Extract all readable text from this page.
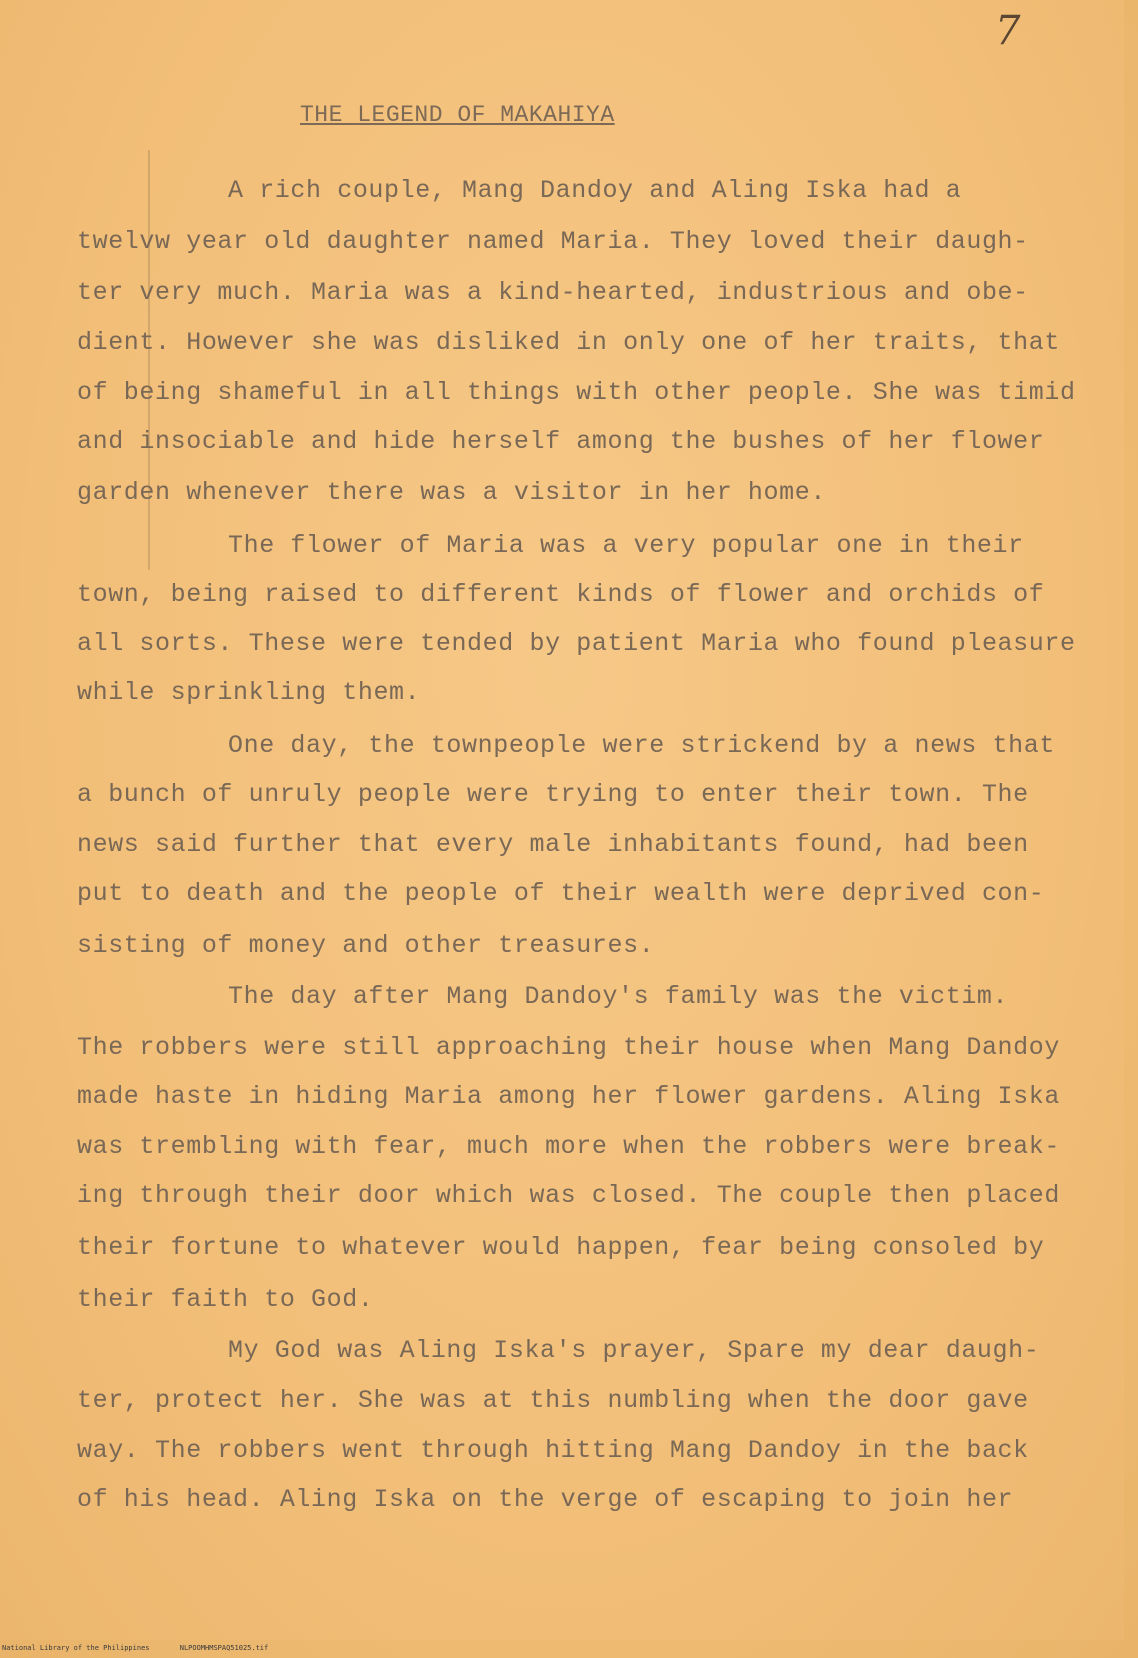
7
THE LEGEND OF MAKAHIYA
A rich couple, Mang Dandoy and Aling Iska had a
twelvw year old daughter named Maria. They loved their daugh-
ter very much. Maria was a kind-hearted, industrious and obe-
dient. However she was disliked in only one of her traits, that
of being shameful in all things with other people. She was timid
and insociable and hide herself among the bushes of her flower
garden whenever there was a visitor in her home.
The flower of Maria was a very popular one in their
town, being raised to different kinds of flower and orchids of
all sorts. These were tended by patient Maria who found pleasure
while sprinkling them.
One day, the townpeople were strickend by a news that
a bunch of unruly people were trying to enter their town. The
news said further that every male inhabitants found, had been
put to death and the people of their wealth were deprived con-
sisting of money and other treasures.
The day after Mang Dandoy's family was the victim.
The robbers were still approaching their house when Mang Dandoy
made haste in hiding Maria among her flower gardens. Aling Iska
was trembling with fear, much more when the robbers were break-
ing through their door which was closed. The couple then placed
their fortune to whatever would happen, fear being consoled by
their faith to God.
My God was Aling Iska's prayer, Spare my dear daugh-
ter, protect her. She was at this numbling when the door gave
way. The robbers went through hitting Mang Dandoy in the back
of his head. Aling Iska on the verge of escaping to join her
National Library of the Philippines	NLPOOMHMSPAQ51025.tif
